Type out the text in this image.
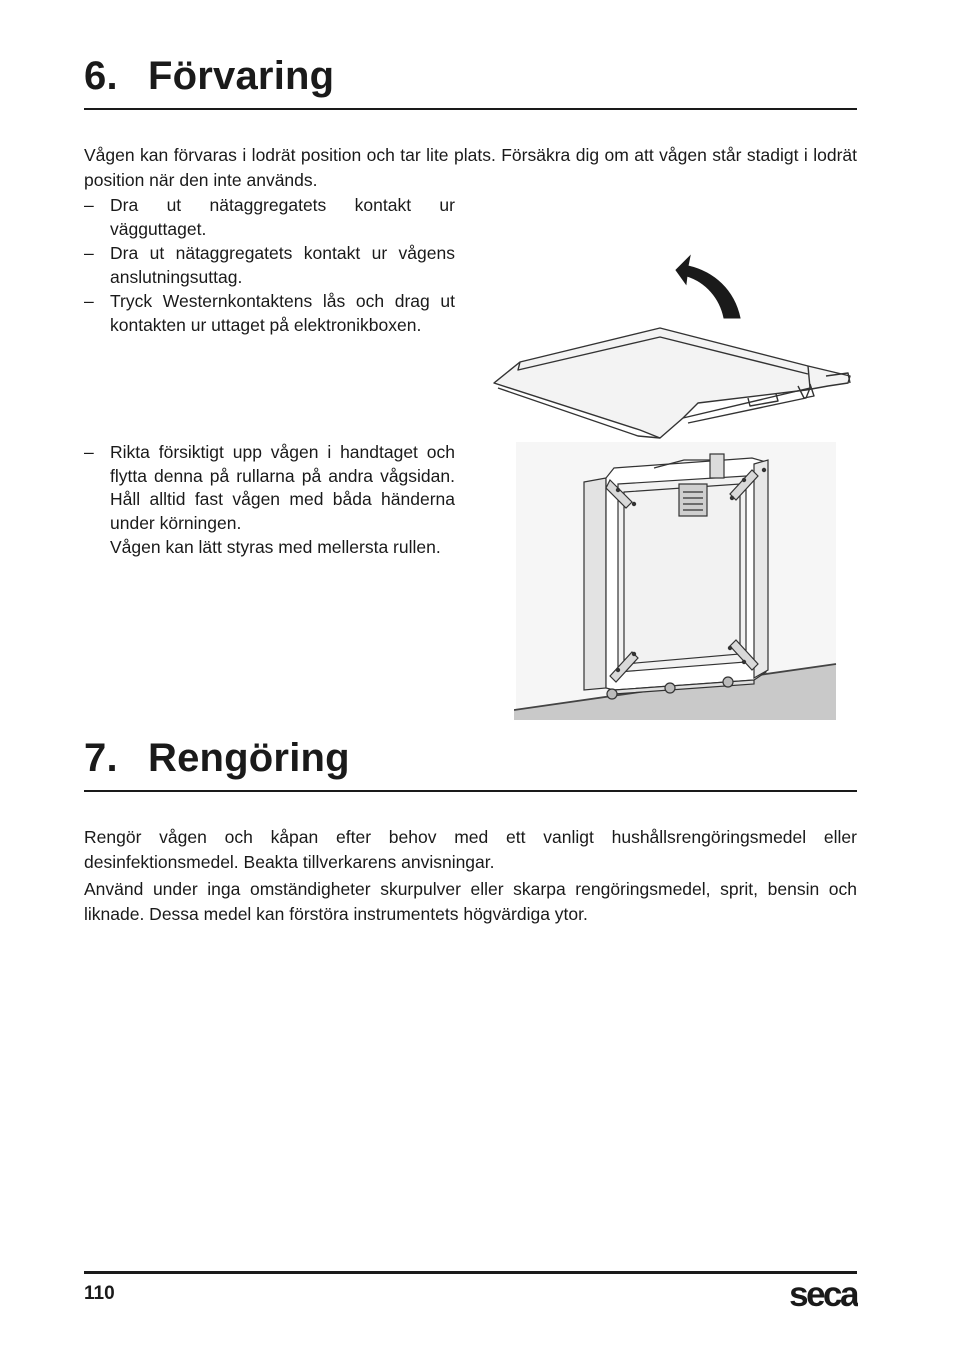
6. Förvaring

Vågen kan förvaras i lodrät position och tar lite plats. Försäkra dig om att vågen står stadigt i lodrät position när den inte används.

– Dra ut nätaggregatets kontakt ur vägguttaget.
– Dra ut nätaggregatets kontakt ur vågens anslutningsuttag.
– Tryck Westernkontaktens lås och drag ut kontakten ur uttaget på elektronikboxen.
– Rikta försiktigt upp vågen i handtaget och flytta denna på rullarna på andra vågsidan. Håll alltid fast vågen med båda händerna under körningen.
Vågen kan lätt styras med mellersta rullen.
7. Rengöring

Rengör vågen och kåpan efter behov med ett vanligt hushållsrengöringsmedel eller desinfektionsmedel. Beakta tillverkarens anvisningar.

Använd under inga omständigheter skurpulver eller skarpa rengöringsmedel, sprit, bensin och liknade. Dessa medel kan förstöra instrumentets högvärdiga ytor.

110	seca
